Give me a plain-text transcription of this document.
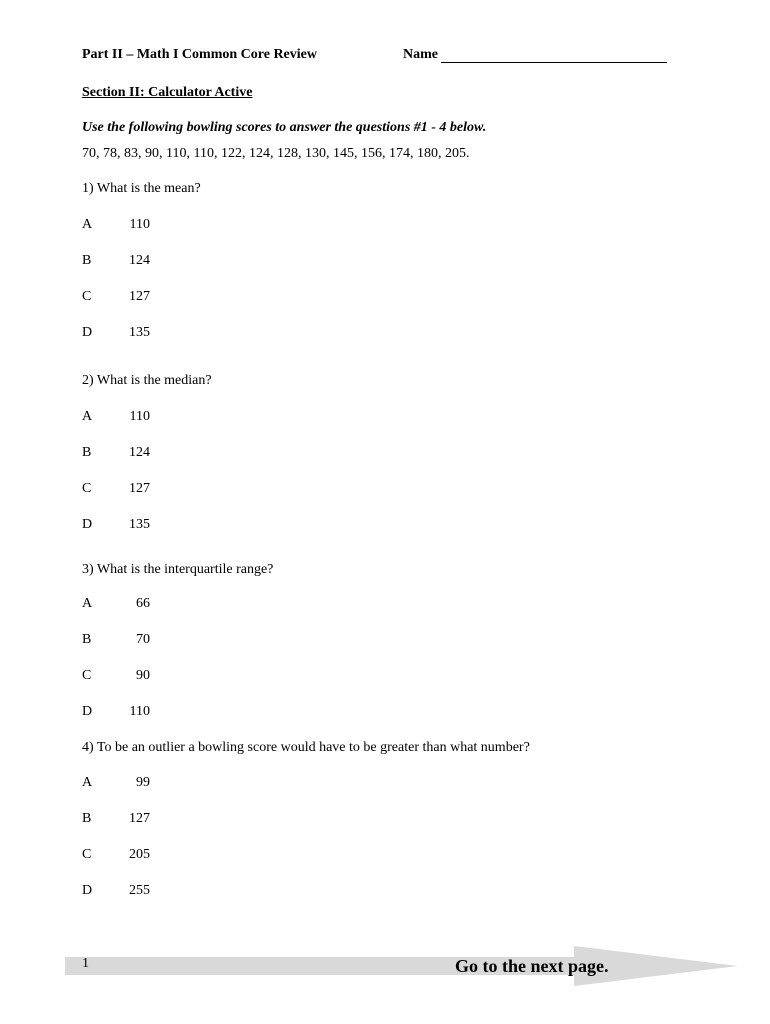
Part II – Math I Common Core Review	Name
Section II: Calculator Active
Use the following bowling scores to answer the questions #1 - 4 below.
70, 78, 83, 90, 110, 110, 122, 124, 128, 130, 145, 156, 174, 180, 205.
1) What is the mean?
A	110
B	124
C	127
D	135
2) What is the median?
A	110
B	124
C	127
D	135
3) What is the interquartile range?
A	66
B	70
C	90
D	110
4) To be an outlier a bowling score would have to be greater than what number?
A	99
B	127
C	205
D	255
1	Go to the next page.
